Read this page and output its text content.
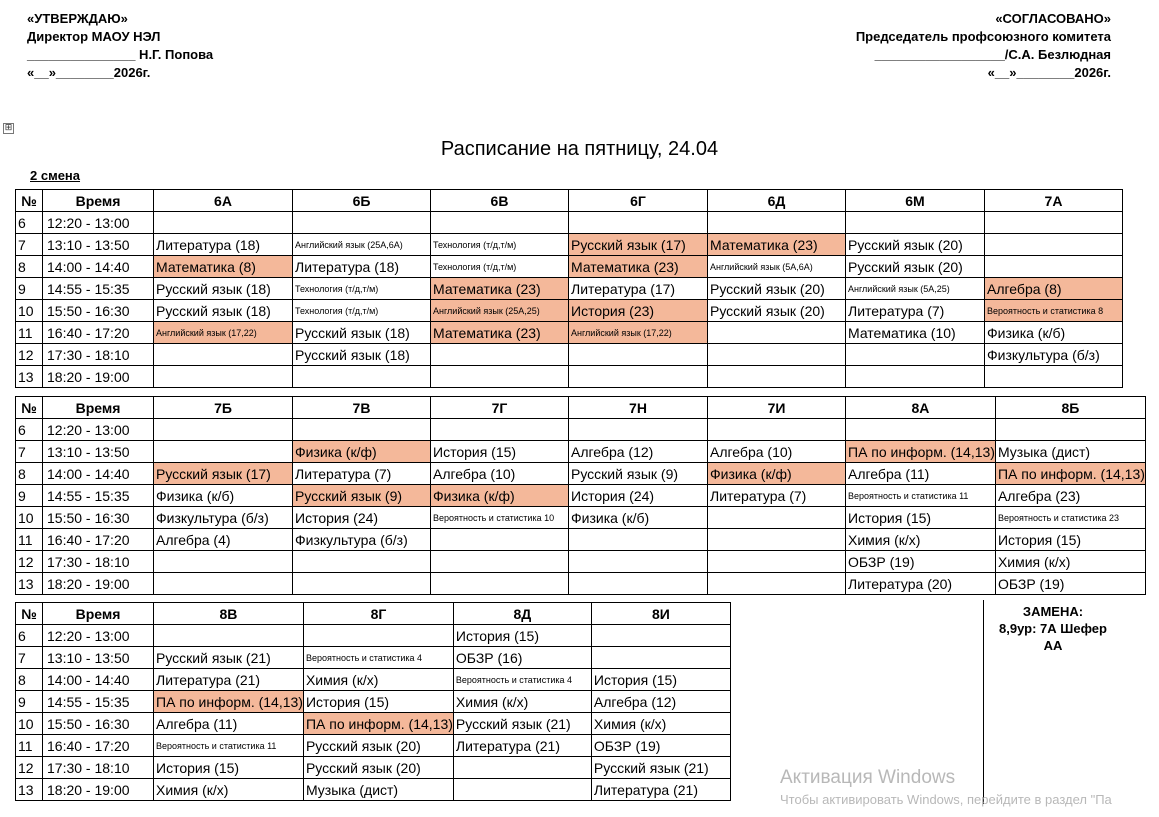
«УТВЕРЖДАЮ»
Директор МАОУ НЭЛ
_______________ Н.Г. Попова
«__»________2026г.
«СОГЛАСОВАНО»
Председатель профсоюзного комитета
__________________/С.А. Безлюдная
«__»________2026г.
⊞
Расписание на пятницу, 24.04
2 смена
№	Время	6А	6Б	6В	6Г	6Д	6М	7А
6	12:20 - 13:00							
7	13:10 - 13:50	Литература (18)	Английский язык (25А,6А)	Технология (т/д,т/м)	Русский язык (17)	Математика (23)	Русский язык (20)	
8	14:00 - 14:40	Математика (8)	Литература (18)	Технология (т/д,т/м)	Математика (23)	Английский язык (5А,6А)	Русский язык (20)	
9	14:55 - 15:35	Русский язык (18)	Технология (т/д,т/м)	Математика (23)	Литература (17)	Русский язык (20)	Английский язык (5А,25)	Алгебра (8)
10	15:50 - 16:30	Русский язык (18)	Технология (т/д,т/м)	Английский язык (25А,25)	История (23)	Русский язык (20)	Литература (7)	Вероятность и статистика 8
11	16:40 - 17:20	Английский язык (17,22)	Русский язык (18)	Математика (23)	Английский язык (17,22)		Математика (10)	Физика (к/б)
12	17:30 - 18:10		Русский язык (18)					Физкультура (б/з)
13	18:20 - 19:00							
№	Время	7Б	7В	7Г	7Н	7И	8А	8Б
6	12:20 - 13:00							
7	13:10 - 13:50		Физика (к/ф)	История (15)	Алгебра (12)	Алгебра (10)	ПА по информ. (14,13)	Музыка (дист)
8	14:00 - 14:40	Русский язык (17)	Литература (7)	Алгебра (10)	Русский язык (9)	Физика (к/ф)	Алгебра (11)	ПА по информ. (14,13)
9	14:55 - 15:35	Физика (к/б)	Русский язык (9)	Физика (к/ф)	История (24)	Литература (7)	Вероятность и статистика 11	Алгебра (23)
10	15:50 - 16:30	Физкультура (б/з)	История (24)	Вероятность и статистика 10	Физика (к/б)		История (15)	Вероятность и статистика 23
11	16:40 - 17:20	Алгебра (4)	Физкультура (б/з)				Химия (к/х)	История (15)
12	17:30 - 18:10						ОБЗР (19)	Химия (к/х)
13	18:20 - 19:00						Литература (20)	ОБЗР (19)
№	Время	8В	8Г	8Д	8И
6	12:20 - 13:00			История (15)	
7	13:10 - 13:50	Русский язык (21)	Вероятность и статистика 4	ОБЗР (16)	
8	14:00 - 14:40	Литература (21)	Химия (к/х)	Вероятность и статистика 4	История (15)
9	14:55 - 15:35	ПА по информ. (14,13)	История (15)	Химия (к/х)	Алгебра (12)
10	15:50 - 16:30	Алгебра (11)	ПА по информ. (14,13)	Русский язык (21)	Химия (к/х)
11	16:40 - 17:20	Вероятность и статистика 11	Русский язык (20)	Литература (21)	ОБЗР (19)
12	17:30 - 18:10	История (15)	Русский язык (20)		Русский язык (21)
13	18:20 - 19:00	Химия (к/х)	Музыка (дист)		Литература (21)
ЗАМЕНА:
8,9ур: 7А Шефер АА
Активация Windows
Чтобы активировать Windows, перейдите в раздел "Па
